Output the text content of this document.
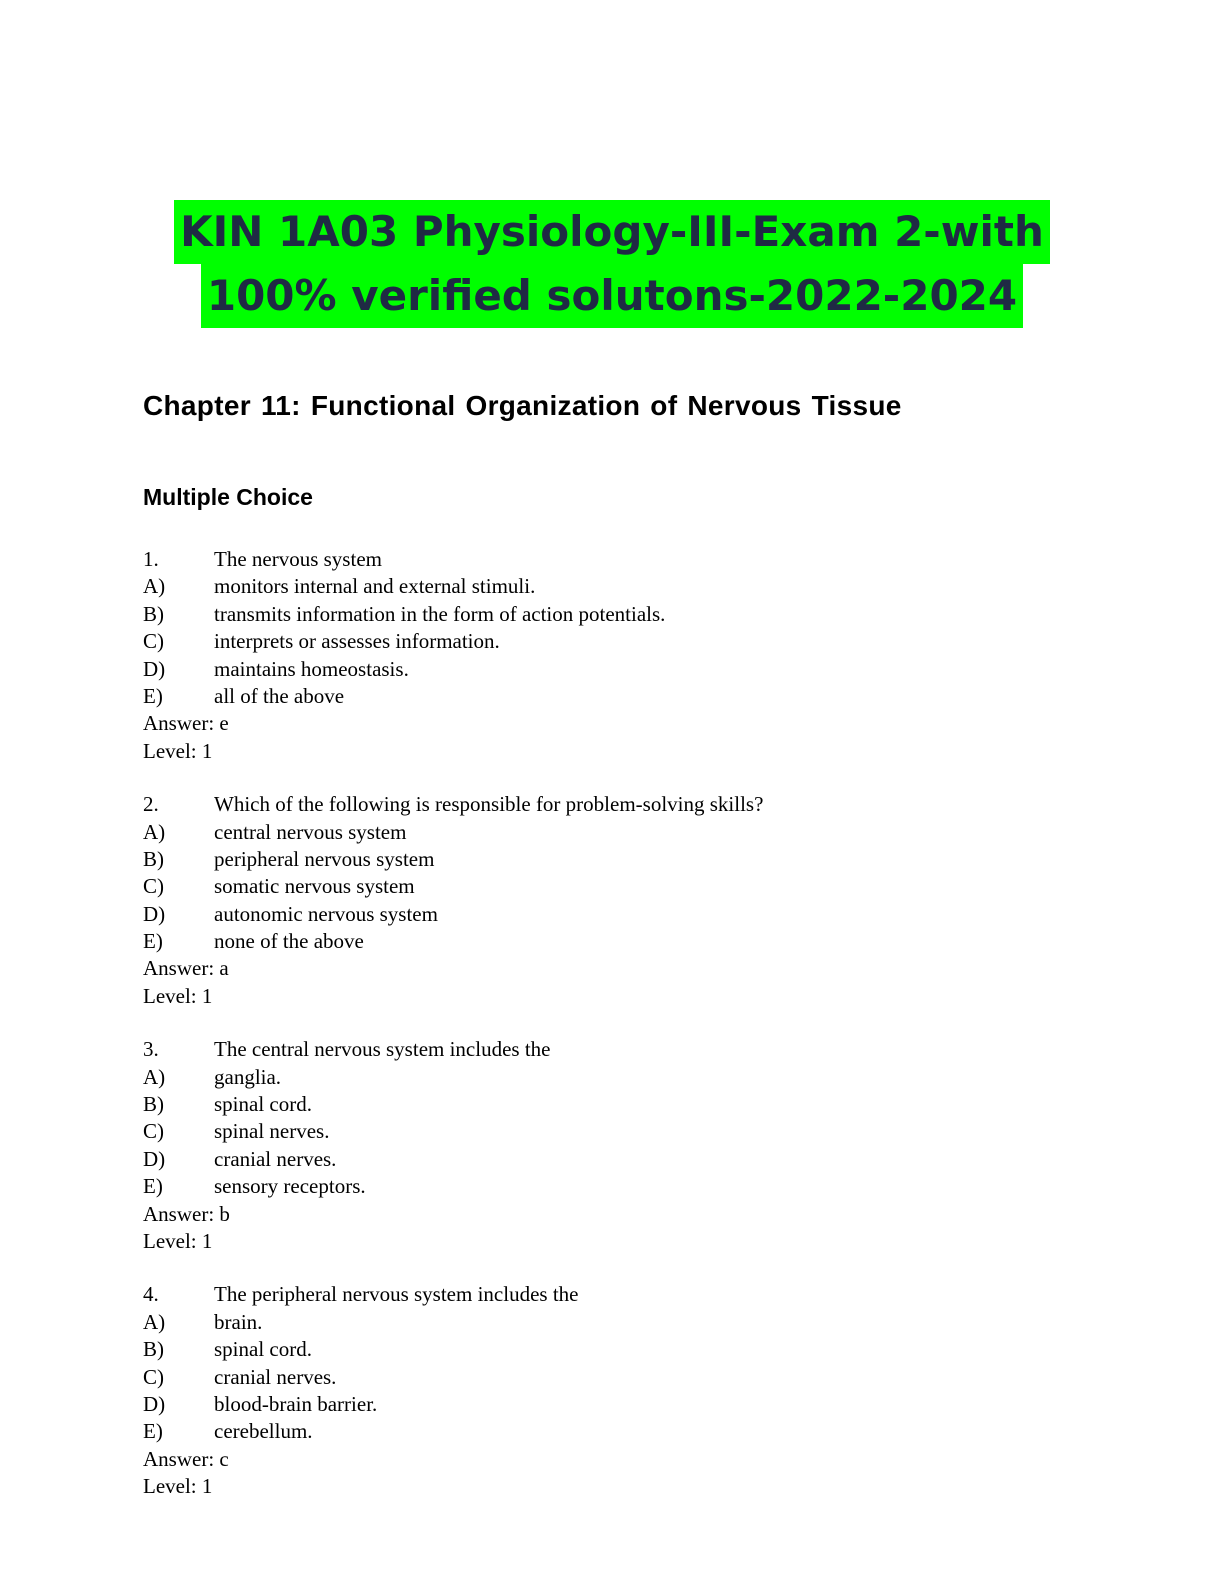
KIN 1A03 Physiology-III-Exam 2-with
100% verified solutons-2022-2024
Chapter 11: Functional Organization of Nervous Tissue
Multiple Choice
1.	The nervous system
A) monitors internal and external stimuli.
B) transmits information in the form of action potentials.
C) interprets or assesses information.
D) maintains homeostasis.
E) all of the above
Answer: e
Level: 1
2.	Which of the following is responsible for problem-solving skills?
A) central nervous system
B) peripheral nervous system
C) somatic nervous system
D) autonomic nervous system
E) none of the above
Answer: a
Level: 1
3.	The central nervous system includes the
A) ganglia.
B) spinal cord.
C) spinal nerves.
D) cranial nerves.
E) sensory receptors.
Answer: b
Level: 1
4.	The peripheral nervous system includes the
A) brain.
B) spinal cord.
C) cranial nerves.
D) blood-brain barrier.
E) cerebellum.
Answer: c
Level: 1
